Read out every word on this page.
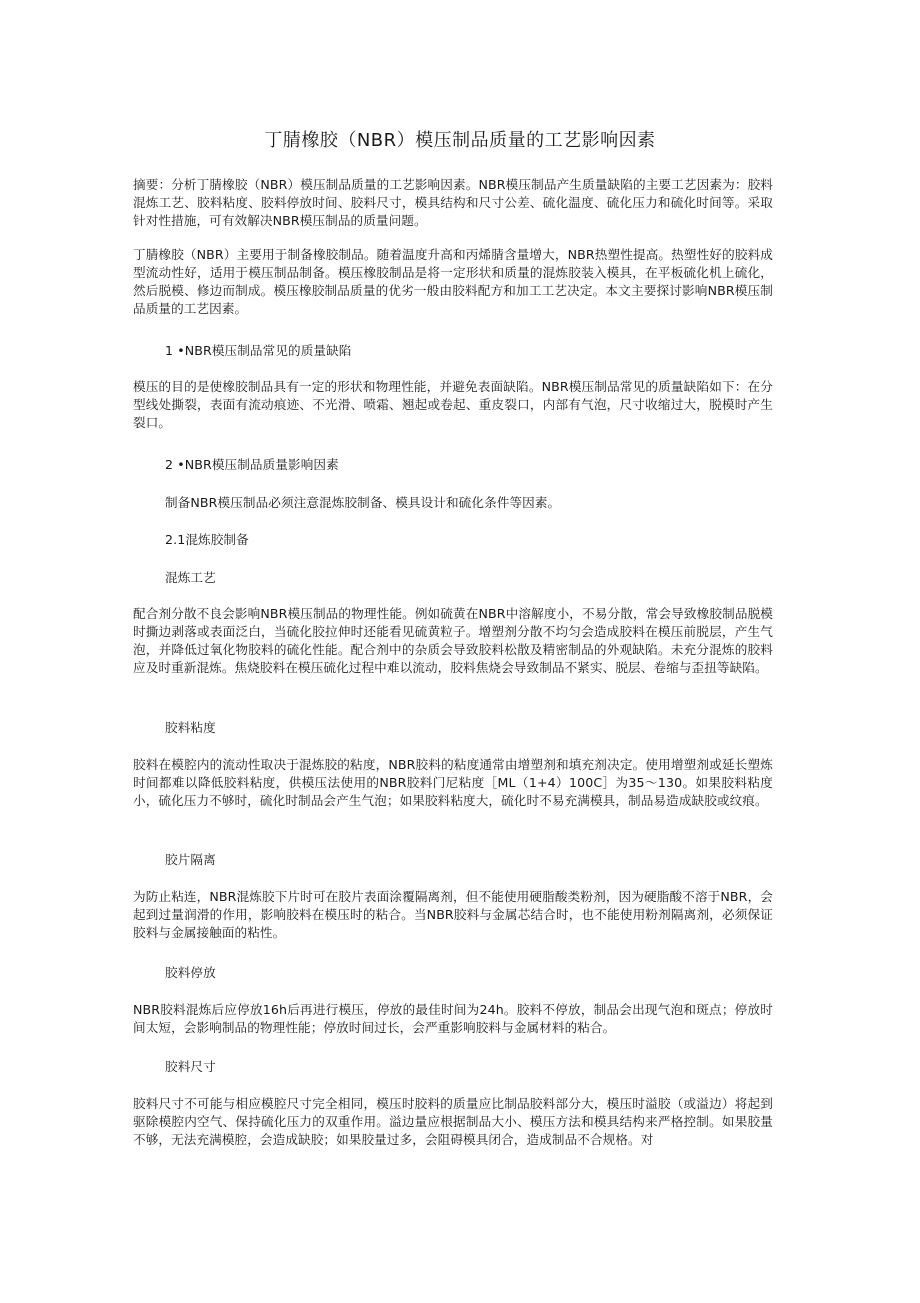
丁腈橡胶（NBR）模压制品质量的工艺影响因素
摘要：分析丁腈橡胶（NBR）模压制品质量的工艺影响因素。NBR模压制品产生质量缺陷的主要工艺因素为：胶料混炼工艺、胶料粘度、胶料停放时间、胶料尺寸，模具结构和尺寸公差、硫化温度、硫化压力和硫化时间等。采取针对性措施，可有效解决NBR模压制品的质量问题。
丁腈橡胶（NBR）主要用于制备橡胶制品。随着温度升高和丙烯腈含量增大，NBR热塑性提高。热塑性好的胶料成型流动性好，适用于模压制品制备。模压橡胶制品是将一定形状和质量的混炼胶装入模具，在平板硫化机上硫化，然后脱模、修边而制成。模压橡胶制品质量的优劣一般由胶料配方和加工工艺决定。本文主要探讨影响NBR模压制品质量的工艺因素。
1 •NBR模压制品常见的质量缺陷
模压的目的是使橡胶制品具有一定的形状和物理性能，并避免表面缺陷。NBR模压制品常见的质量缺陷如下：在分型线处撕裂，表面有流动痕迹、不光滑、喷霜、翘起或卷起、重皮裂口，内部有气泡，尺寸收缩过大，脱模时产生裂口。
2 •NBR模压制品质量影响因素
制备NBR模压制品必须注意混炼胶制备、模具设计和硫化条件等因素。
2.1混炼胶制备
混炼工艺
配合剂分散不良会影响NBR模压制品的物理性能。例如硫黄在NBR中溶解度小，不易分散，常会导致橡胶制品脱模时撕边剥落或表面泛白，当硫化胶拉伸时还能看见硫黄粒子。增塑剂分散不均匀会造成胶料在模压前脱层，产生气泡，并降低过氧化物胶料的硫化性能。配合剂中的杂质会导致胶料松散及精密制品的外观缺陷。未充分混炼的胶料应及时重新混炼。焦烧胶料在模压硫化过程中难以流动，胶料焦烧会导致制品不紧实、脱层、卷缩与歪扭等缺陷。
胶料粘度
胶料在模腔内的流动性取决于混炼胶的粘度，NBR胶料的粘度通常由增塑剂和填充剂决定。使用增塑剂或延长塑炼时间都难以降低胶料粘度，供模压法使用的NBR胶料门尼粘度［ML（1+4）100C］为35～130。如果胶料粘度小，硫化压力不够时，硫化时制品会产生气泡；如果胶料粘度大，硫化时不易充满模具，制品易造成缺胶或纹痕。
胶片隔离
为防止粘连，NBR混炼胶下片时可在胶片表面涂覆隔离剂，但不能使用硬脂酸类粉剂，因为硬脂酸不溶于NBR，会起到过量润滑的作用，影响胶料在模压时的粘合。当NBR胶料与金属芯结合时，也不能使用粉剂隔离剂，必须保证胶料与金属接触面的粘性。
胶料停放
NBR胶料混炼后应停放16h后再进行模压，停放的最佳时间为24h。胶料不停放，制品会出现气泡和斑点；停放时间太短，会影响制品的物理性能；停放时间过长，会严重影响胶料与金属材料的粘合。
胶料尺寸
胶料尺寸不可能与相应模腔尺寸完全相同，模压时胶料的质量应比制品胶料部分大，模压时溢胶（或溢边）将起到驱除模腔内空气、保持硫化压力的双重作用。溢边量应根据制品大小、模压方法和模具结构来严格控制。如果胶量不够，无法充满模腔，会造成缺胶；如果胶量过多，会阻碍模具闭合，造成制品不合规格。对
